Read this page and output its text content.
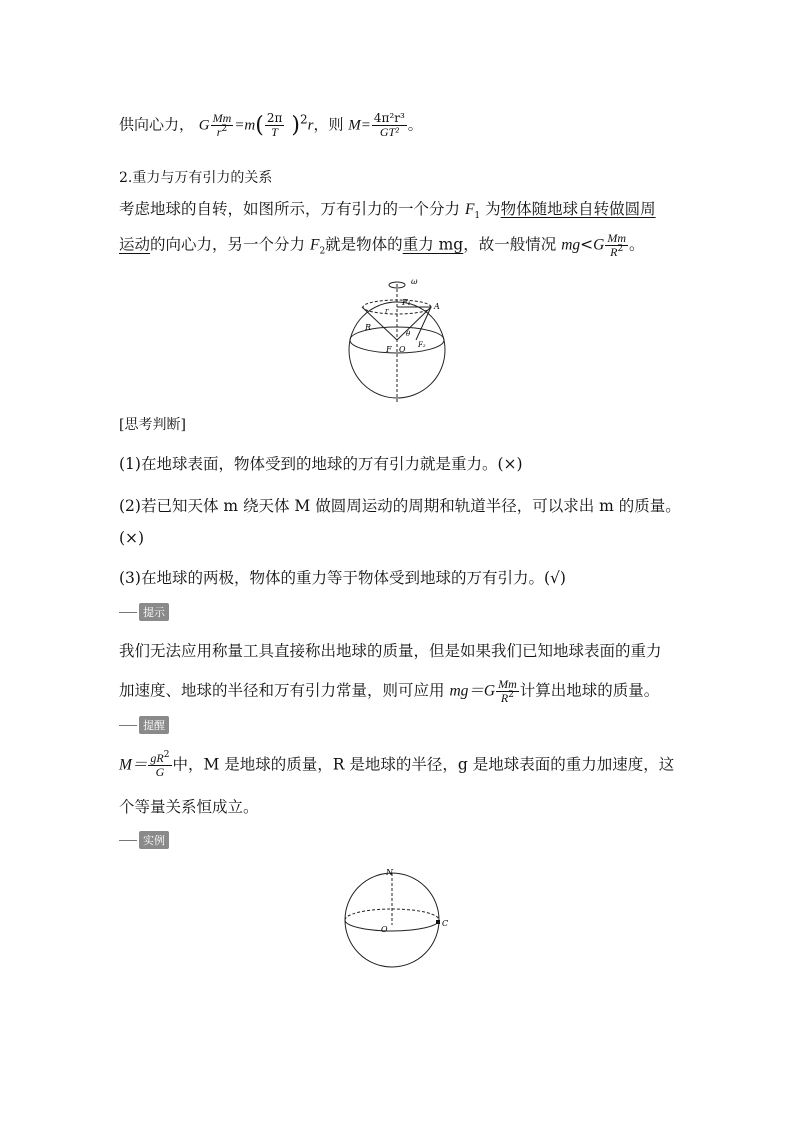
供向心力， G $\frac{Mm}{r^2} =m( \frac{2\pi}{T} )^2r$，则 $M= \frac{\text{4π²r³}}{\text{GT²}}$ 。
2.重力与万有引力的关系
考虑地球的自转，如图所示，万有引力的一个分力 $F_1$ 为物体随地球自转做圆周
运动的向心力，另一个分力 $F_2$就是物体的重力 mg，故一般情况 $mg<G \frac{Mm}{R^2}$ 。
ω
F₁	A
r
R
θ
F O F₂
[思考判断]
(1)在地球表面，物体受到的地球的万有引力就是重力。(×)
(2)若已知天体 m 绕天体 M 做圆周运动的周期和轨道半径，可以求出 m 的质量。
(×)
(3)在地球的两极，物体的重力等于物体受到地球的万有引力。(√)
提示
我们无法应用称量工具直接称出地球的质量，但是如果我们已知地球表面的重力
加速度、地球的半径和万有引力常量，则可应用 $mg=G \frac{Mm}{R^2}$ 计算出地球的质量。
提醒
$M= \frac{gR^2}{G}$ 中，M 是地球的质量，R 是地球的半径，g 是地球表面的重力加速度，这
个等量关系恒成立。
实例
N
O
C
